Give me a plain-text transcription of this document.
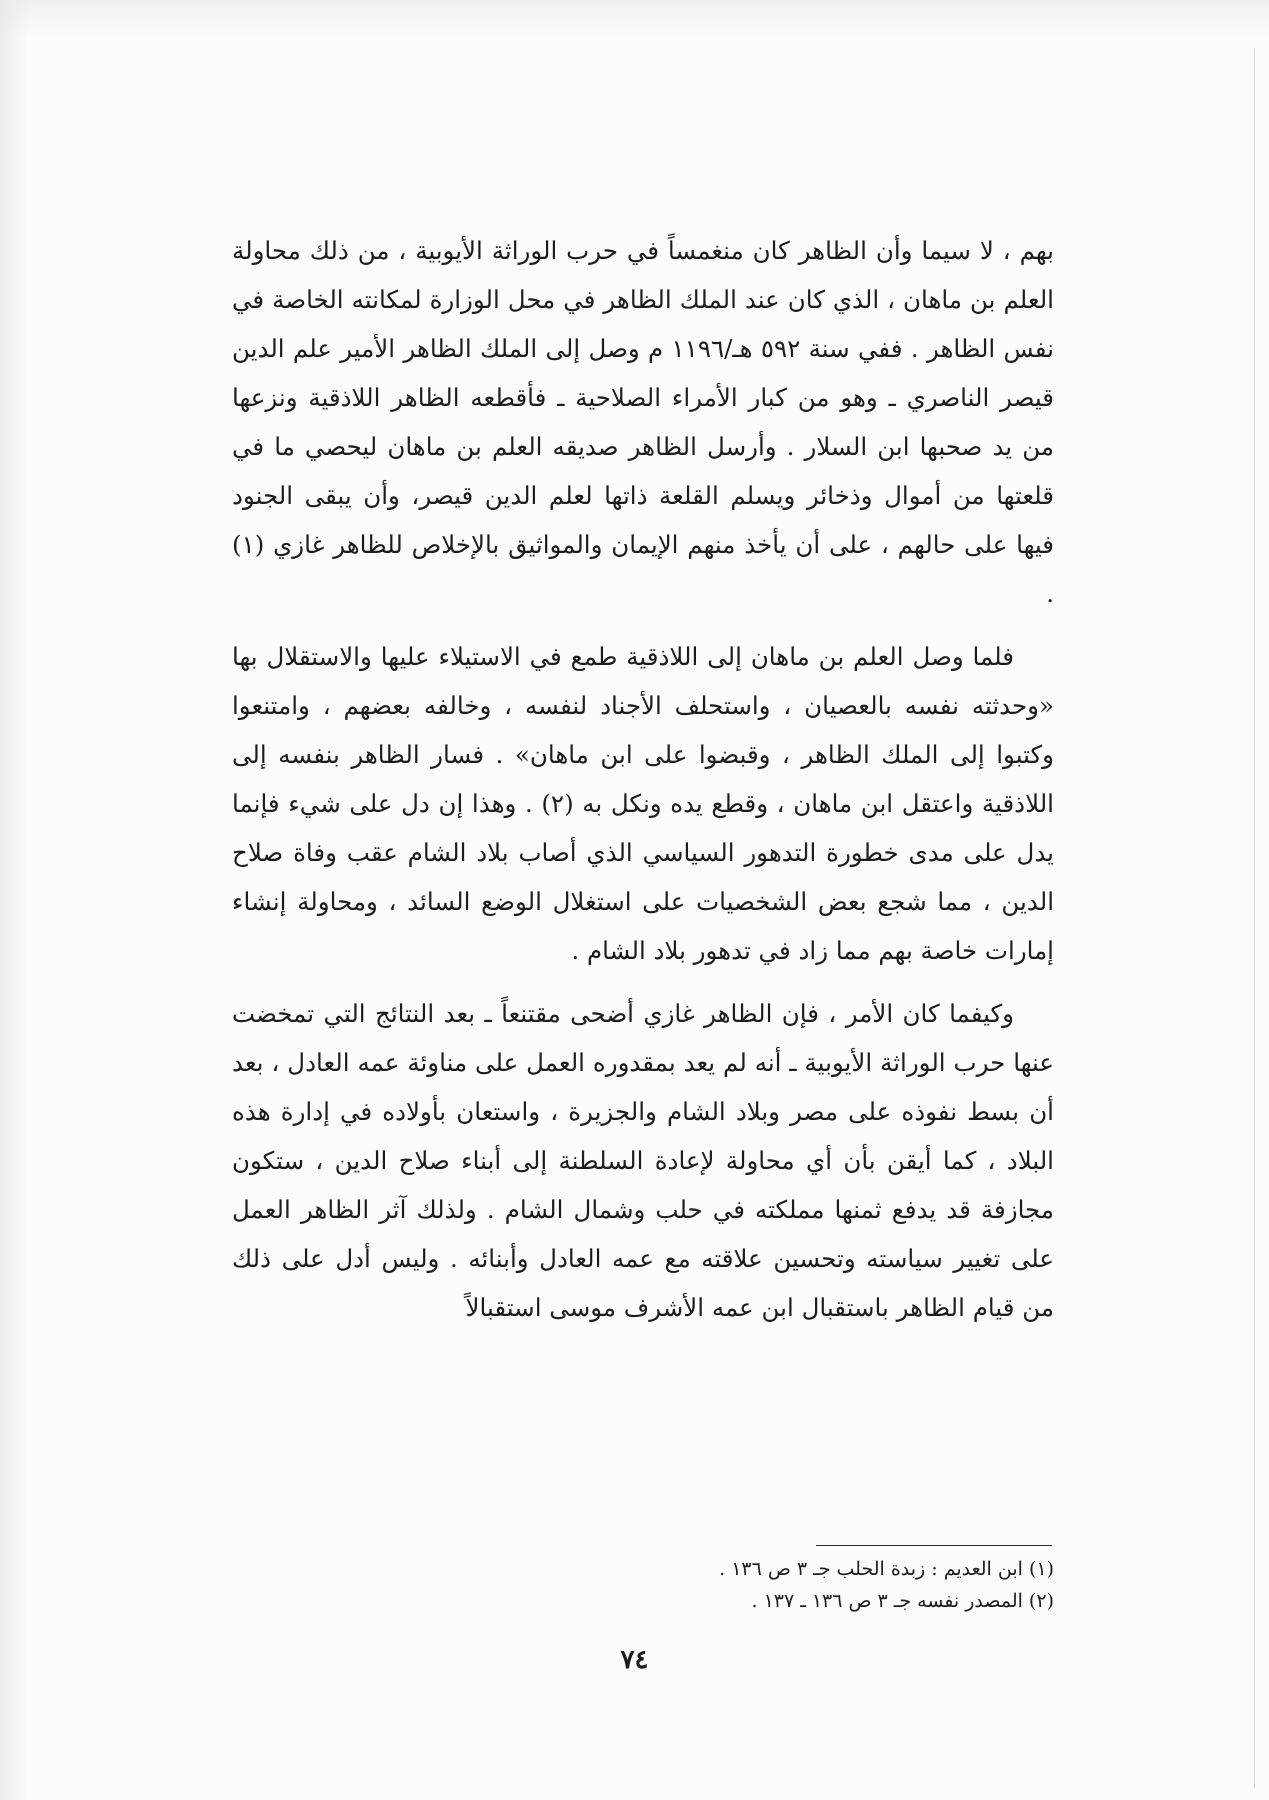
بهم ، لا سيما وأن الظاهر كان منغمساً في حرب الوراثة الأيوبية ، من ذلك محاولة العلم بن ماهان ، الذي كان عند الملك الظاهر في محل الوزارة لمكانته الخاصة في نفس الظاهر . ففي سنة ٥٩٢ هـ/١١٩٦ م وصل إلى الملك الظاهر الأمير علم الدين قيصر الناصري ـ وهو من كبار الأمراء الصلاحية ـ فأقطعه الظاهر اللاذقية ونزعها من يد صحبها ابن السلار . وأرسل الظاهر صديقه العلم بن ماهان ليحصي ما في قلعتها من أموال وذخائر ويسلم القلعة ذاتها لعلم الدين قيصر، وأن يبقى الجنود فيها على حالهم ، على أن يأخذ منهم الإيمان والمواثيق بالإخلاص للظاهر غازي (١) .

فلما وصل العلم بن ماهان إلى اللاذقية طمع في الاستيلاء عليها والاستقلال بها «وحدثته نفسه بالعصيان ، واستحلف الأجناد لنفسه ، وخالفه بعضهم ، وامتنعوا وكتبوا إلى الملك الظاهر ، وقبضوا على ابن ماهان» . فسار الظاهر بنفسه إلى اللاذقية واعتقل ابن ماهان ، وقطع يده ونكل به (٢) . وهذا إن دل على شيء فإنما يدل على مدى خطورة التدهور السياسي الذي أصاب بلاد الشام عقب وفاة صلاح الدين ، مما شجع بعض الشخصيات على استغلال الوضع السائد ، ومحاولة إنشاء إمارات خاصة بهم مما زاد في تدهور بلاد الشام .

وكيفما كان الأمر ، فإن الظاهر غازي أضحى مقتنعاً ـ بعد النتائج التي تمخضت عنها حرب الوراثة الأيوبية ـ أنه لم يعد بمقدوره العمل على مناوئة عمه العادل ، بعد أن بسط نفوذه على مصر وبلاد الشام والجزيرة ، واستعان بأولاده في إدارة هذه البلاد ، كما أيقن بأن أي محاولة لإعادة السلطنة إلى أبناء صلاح الدين ، ستكون مجازفة قد يدفع ثمنها مملكته في حلب وشمال الشام . ولذلك آثر الظاهر العمل على تغيير سياسته وتحسين علاقته مع عمه العادل وأبنائه . وليس أدل على ذلك من قيام الظاهر باستقبال ابن عمه الأشرف موسى استقبالاً

(١) ابن العديم : زبدة الحلب جـ ٣ ص ١٣٦ .

(٢) المصدر نفسه جـ ٣ ص ١٣٦ ـ ١٣٧ .

٧٤
